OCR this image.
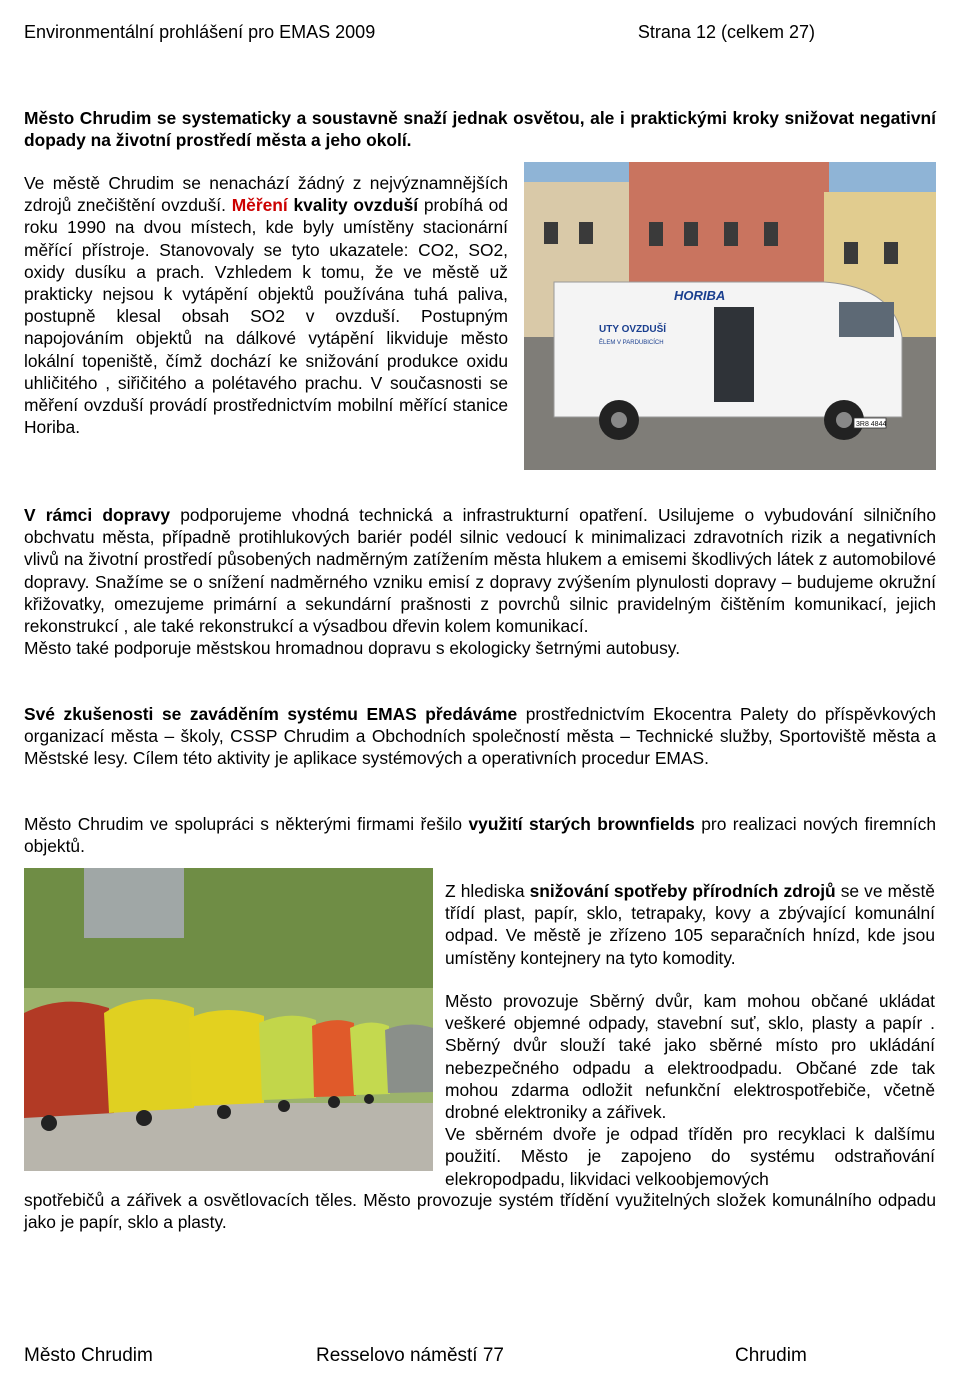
Environmentální prohlášení pro EMAS 2009	Strana 12 (celkem 27)

Město Chrudim se systematicky a soustavně snaží jednak osvětou, ale i praktickými kroky snižovat negativní dopady na životní prostředí města a jeho okolí.

Ve městě Chrudim se nenachází žádný z nejvýznamnějších zdrojů znečištění ovzduší. Měření kvality ovzduší probíhá od roku 1990 na dvou místech, kde byly umístěny stacionární měřící přístroje. Stanovovaly se tyto ukazatele: CO2, SO2, oxidy dusíku a prach. Vzhledem k tomu, že ve městě už prakticky nejsou k vytápění objektů používána tuhá paliva, postupně klesal obsah SO2 v ovzduší. Postupným napojováním objektů na dálkové vytápění likviduje město lokální topeniště, čímž dochází ke snižování produkce oxidu uhličitého , siřičitého a polétavého prachu. V současnosti se měření ovzduší provádí prostřednictvím mobilní měřící stanice Horiba.
HORIBA
UTY OVZDUŠÍ
ĚLEM V PARDUBICÍCH
3R8 4844
V rámci dopravy podporujeme vhodná technická a infrastrukturní opatření. Usilujeme o vybudování silničního obchvatu města, případně protihlukových bariér podél silnic vedoucí k minimalizaci zdravotních rizik a negativních vlivů na životní prostředí působených nadměrným zatížením města hlukem a emisemi škodlivých látek z automobilové dopravy. Snažíme se o snížení nadměrného vzniku emisí z dopravy zvýšením plynulosti dopravy – budujeme okružní křižovatky, omezujeme primární a sekundární prašnosti z povrchů silnic pravidelným čištěním komunikací, jejich rekonstrukcí , ale také rekonstrukcí a výsadbou dřevin kolem komunikací.
Město také podporuje městskou hromadnou dopravu s ekologicky šetrnými autobusy.
Své zkušenosti se zaváděním systému EMAS předáváme prostřednictvím Ekocentra Palety do příspěvkových organizací města – školy, CSSP Chrudim a Obchodních společností města – Technické služby, Sportoviště města a Městské lesy. Cílem této aktivity je aplikace systémových a operativních procedur EMAS.
Město Chrudim ve spolupráci s některými firmami řešilo využití starých brownfields pro realizaci nových firemních objektů.
Z hlediska snižování spotřeby přírodních zdrojů se ve městě třídí plast, papír, sklo, tetrapaky, kovy a zbývající komunální odpad. Ve městě je zřízeno 105 separačních hnízd, kde jsou umístěny kontejnery na tyto komodity.
Město provozuje Sběrný dvůr, kam mohou občané ukládat veškeré objemné odpady, stavební suť, sklo, plasty a papír . Sběrný dvůr slouží také jako sběrné místo pro ukládání nebezpečného odpadu a elektroodpadu. Občané zde tak mohou zdarma odložit nefunkční elektrospotřebiče, včetně drobné elektroniky a zářivek.
Ve sběrném dvoře je odpad tříděn pro recyklaci k dalšímu použití. Město je zapojeno do systému odstraňování elekropodpadu, likvidaci velkoobjemových

spotřebičů a zářivek a osvětlovacích těles. Město provozuje systém třídění využitelných složek komunálního odpadu jako je papír, sklo a plasty.

Město Chrudim	Resselovo náměstí 77	Chrudim
